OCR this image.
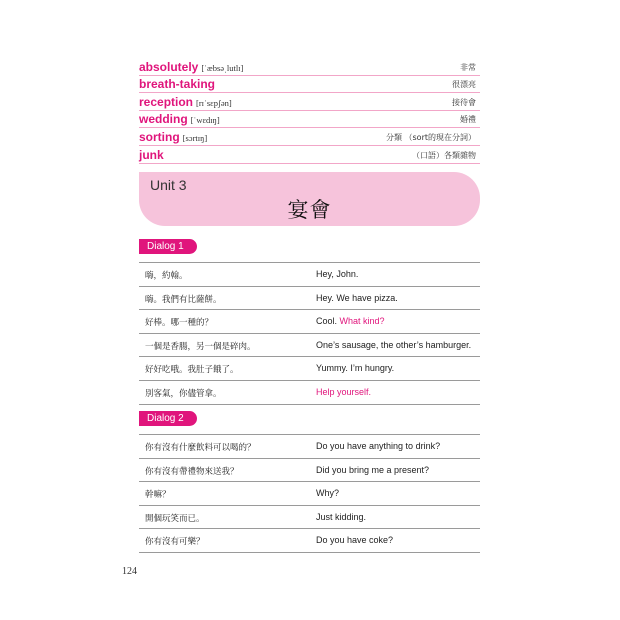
absolutely [ˈæbsəˌlutlɪ]	非常
breath-taking	很漂亮
reception [rɪˈsɛpʃən]	接待會
wedding [ˈwɛdɪŋ]	婚禮
sorting [sɔrtɪŋ]	分類 （sort的現在分詞）
junk	（口語）各類雜物
Unit 3
宴會
Dialog 1
嗨，約翰。	Hey, John.
嗨。我們有比薩餅。	Hey. We have pizza.
好棒。哪一種的？	Cool. What kind?
一個是香腸，另一個是碎肉。	One’s sausage, the other’s hamburger.
好好吃哦。我肚子餓了。	Yummy. I’m hungry.
別客氣，你儘管拿。	Help yourself.
Dialog 2
你有沒有什麼飲料可以喝的？	Do you have anything to drink?
你有沒有帶禮物來送我？	Did you bring me a present?
幹嘛？	Why?
開個玩笑而已。	Just kidding.
你有沒有可樂？	Do you have coke?
124
